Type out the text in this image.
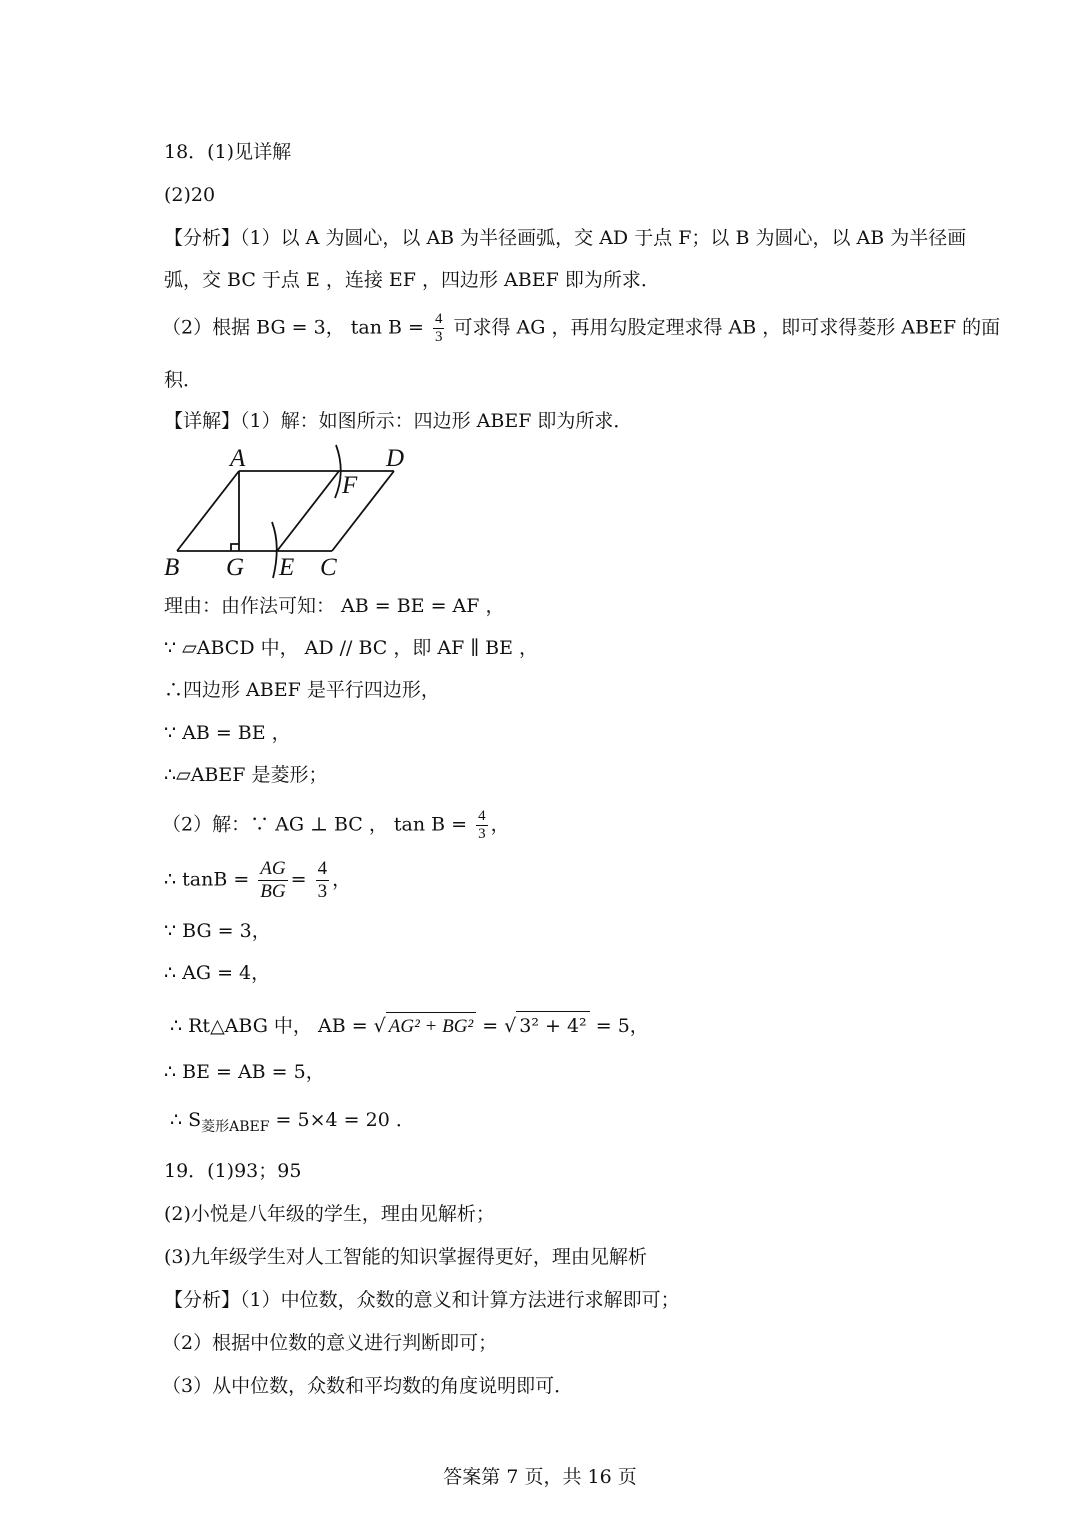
18．(1)见详解
(2)20
【分析】（1）以 A 为圆心，以 AB 为半径画弧，交 AD 于点 F；以 B 为圆心，以 AB 为半径画
弧，交 BC 于点 E ，连接 EF ，四边形 ABEF 即为所求．
（2）根据 BG = 3， $\tan B = \frac{4}{3}$ 可求得 AG ，再用勾股定理求得 AB ，即可求得菱形 ABEF 的面
积．
【详解】（1）解：如图所示：四边形 ABEF 即为所求．
A	D
F
B G E C
理由：由作法可知： AB = BE = AF ，
∵ ▱ABCD 中， AD // BC ，即 AF ∥ BE ，
∴四边形 ABEF 是平行四边形，
∵ AB = BE ，
∴▱ABEF 是菱形；
（2）解：∵ AG ⊥ BC ， $\tan B = \frac{4}{3}$ ，
∴ $\tan B = \frac{AG}{BG} = \frac{4}{3}$ ，
∵ BG = 3，
∴ AG = 4，
∴ Rt△ABG 中， AB = √ AG² + BG² = √ 3² + 4² = 5，
∴ BE = AB = 5，
∴ $S_{菱形ABEF} = 5\times 4 = 20$ ．
19．(1)93；95
(2)小悦是八年级的学生，理由见解析；
(3)九年级学生对人工智能的知识掌握得更好，理由见解析
【分析】（1）中位数，众数的意义和计算方法进行求解即可；
（2）根据中位数的意义进行判断即可；
（3）从中位数，众数和平均数的角度说明即可．
答案第 7 页，共 16 页
